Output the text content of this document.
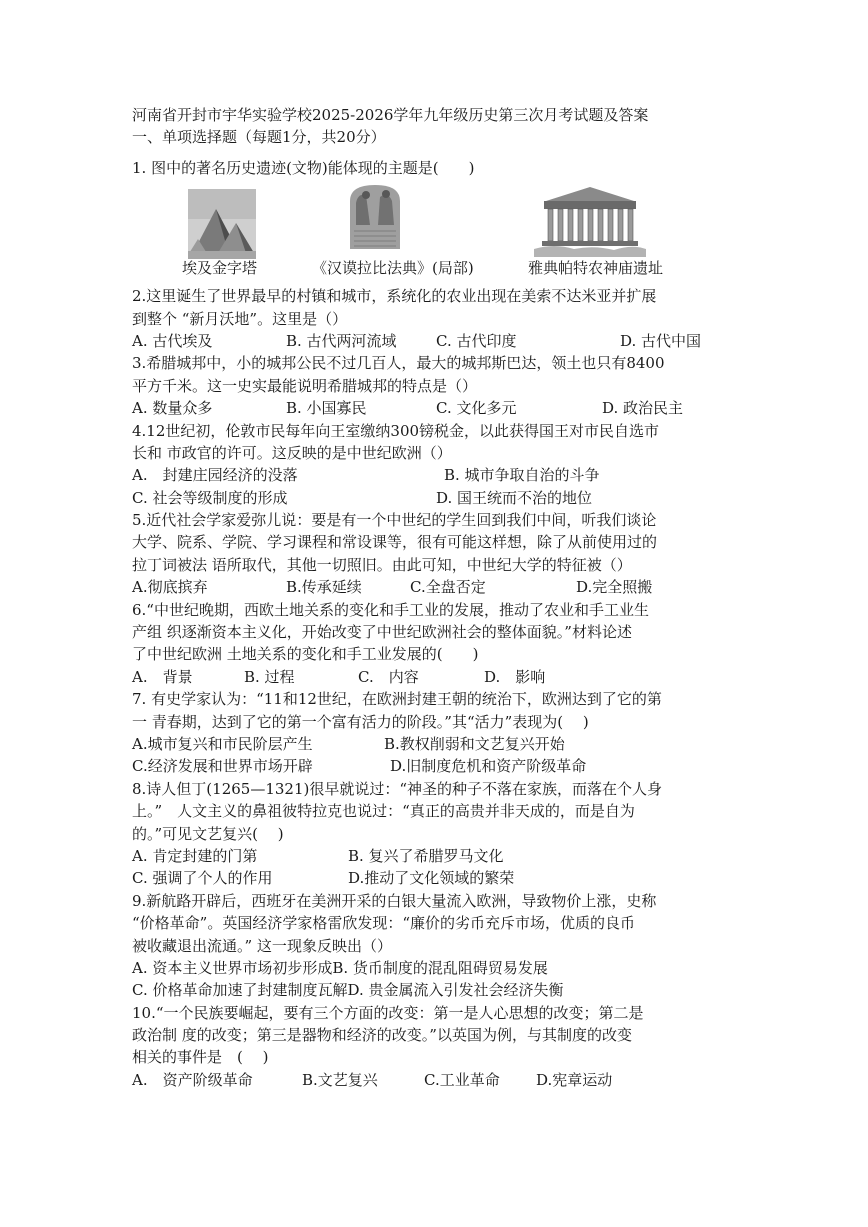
河南省开封市宇华实验学校2025-2026学年九年级历史第三次月考试题及答案
一、单项选择题（每题1分，共20分）
1. 图中的著名历史遗迹(文物)能体现的主题是(　　)
埃及金字塔	《汉谟拉比法典》(局部)	雅典帕特农神庙遗址
2.这里诞生了世界最早的村镇和城市，系统化的农业出现在美索不达米亚并扩展
到整个 “新月沃地”。这里是（）
A. 古代埃及	B. 古代两河流域	C. 古代印度	D. 古代中国
3.希腊城邦中，小的城邦公民不过几百人，最大的城邦斯巴达，领土也只有8400
平方千米。这一史实最能说明希腊城邦的特点是（）
A. 数量众多	B. 小国寡民	C. 文化多元	D. 政治民主
4.12世纪初，伦敦市民每年向王室缴纳300镑税金，以此获得国王对市民自选市
长和 市政官的许可。这反映的是中世纪欧洲（）
A.　封建庄园经济的没落	B. 城市争取自治的斗争
C. 社会等级制度的形成	D. 国王统而不治的地位
5.近代社会学家爱弥儿说：要是有一个中世纪的学生回到我们中间，听我们谈论
大学、院系、学院、学习课程和常设课等，很有可能这样想，除了从前使用过的
拉丁词被法 语所取代，其他一切照旧。由此可知，中世纪大学的特征被（）
A.彻底摈弃	B.传承延续	C.全盘否定	D.完全照搬
6.“中世纪晚期，西欧土地关系的变化和手工业的发展，推动了农业和手工业生
产组 织逐渐资本主义化，开始改变了中世纪欧洲社会的整体面貌。”材料论述
了中世纪欧洲 土地关系的变化和手工业发展的(　　)
A.　背景	B. 过程	C.　内容	D.　影响
7. 有史学家认为：“11和12世纪，在欧洲封建王朝的统治下，欧洲达到了它的第
一 青春期，达到了它的第一个富有活力的阶段。”其“活力”表现为(　 )
A.城市复兴和市民阶层产生	B.教权削弱和文艺复兴开始
C.经济发展和世界市场开辟	D.旧制度危机和资产阶级革命
8.诗人但丁(1265—1321)很早就说过：“神圣的种子不落在家族，而落在个人身
上。”　人文主义的鼻祖彼特拉克也说过：“真正的高贵并非天成的，而是自为
的。”可见文艺复兴(　 )
A. 肯定封建的门第	B. 复兴了希腊罗马文化
C. 强调了个人的作用	D.推动了文化领域的繁荣
9.新航路开辟后，西班牙在美洲开采的白银大量流入欧洲，导致物价上涨，史称
“价格革命”。英国经济学家格雷欣发现：“廉价的劣币充斥市场，优质的良币
被收藏退出流通。” 这一现象反映出（）
A. 资本主义世界市场初步形成B. 货币制度的混乱阻碍贸易发展
C. 价格革命加速了封建制度瓦解D. 贵金属流入引发社会经济失衡
10.“一个民族要崛起，要有三个方面的改变：第一是人心思想的改变；第二是
政治制 度的改变；第三是器物和经济的改变。”以英国为例，与其制度的改变
相关的事件是　(　 )
A.　资产阶级革命	B.文艺复兴	C.工业革命	D.宪章运动
